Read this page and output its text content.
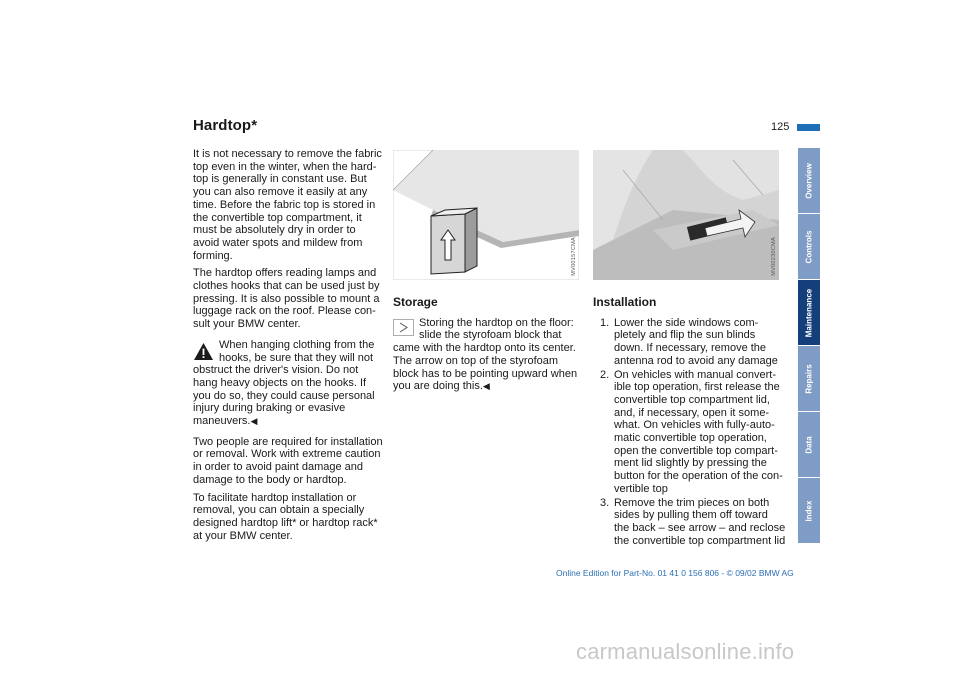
Hardtop*	125

It is not necessary to remove the fabric top even in the winter, when the hard-top is generally in constant use. But you can also remove it easily at any time. Before the fabric top is stored in the convertible top compartment, it must be absolutely dry in order to avoid water spots and mildew from forming.

The hardtop offers reading lamps and clothes hooks that can be used just by pressing. It is also possible to mount a luggage rack on the roof. Please con-sult your BMW center.

When hanging clothing from the hooks, be sure that they will not obstruct the driver's vision. Do not hang heavy objects on the hooks. If you do so, they could cause personal injury during braking or evasive maneuvers.◀

Two people are required for installation or removal. Work with extreme caution in order to avoid paint damage and damage to the body or hardtop.

To facilitate hardtop installation or removal, you can obtain a specially designed hardtop lift* or hardtop rack* at your BMW center.

MV00157CMA	MV00230CMA
Storage
Storing the hardtop on the floor: slide the styrofoam block that came with the hardtop onto its center. The arrow on top of the styrofoam block has to be pointing upward when you are doing this.◀
Installation
1. Lower the side windows com-pletely and flip the sun blinds down. If necessary, remove the antenna rod to avoid any damage
2. On vehicles with manual convert-ible top operation, first release the convertible top compartment lid, and, if necessary, open it some-what. On vehicles with fully-auto-matic convertible top operation, open the convertible top compart-ment lid slightly by pressing the button for the operation of the con-vertible top
3. Remove the trim pieces on both sides by pulling them off toward the back – see arrow – and reclose the convertible top compartment lid
Overview
Controls
Maintenance
Repairs
Data
Index
Online Edition for Part-No. 01 41 0 156 806 - © 09/02 BMW AG
carmanualsonline.info
